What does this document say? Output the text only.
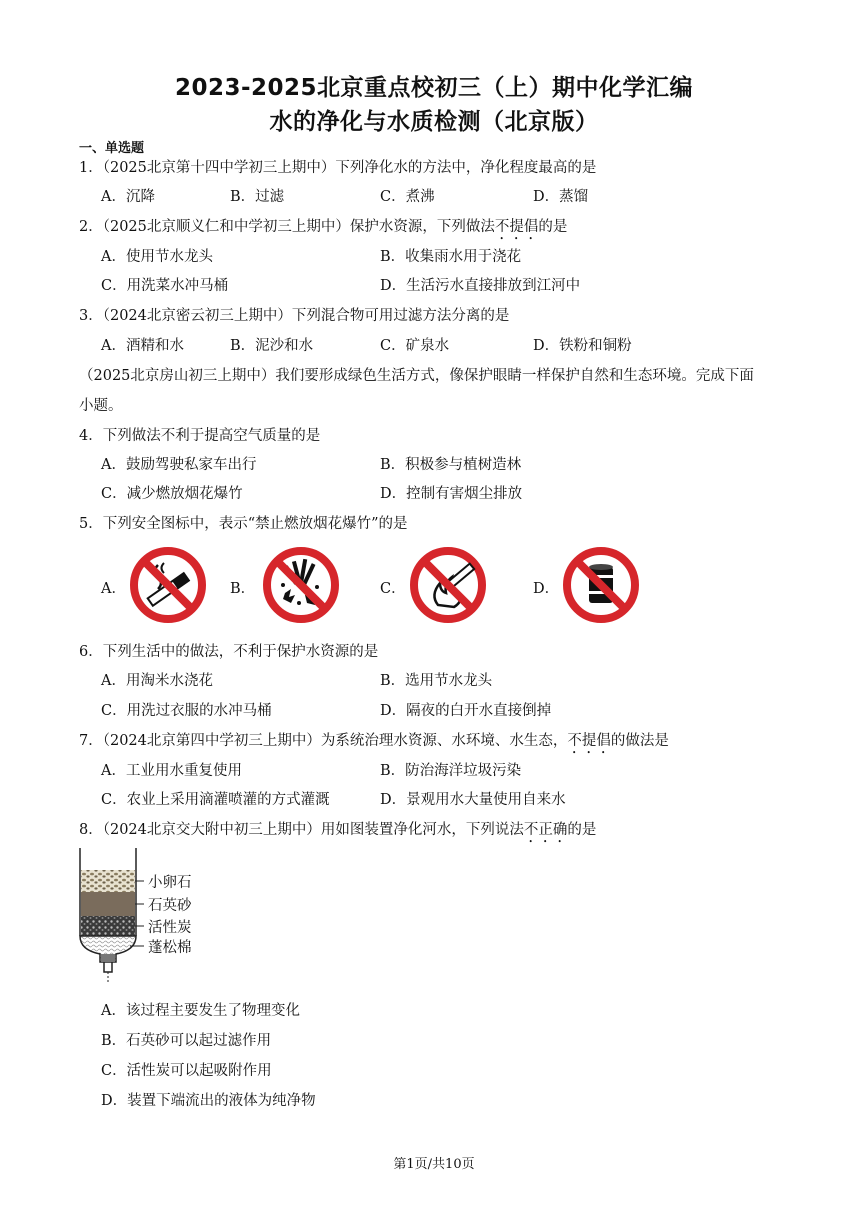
2023-2025北京重点校初三（上）期中化学汇编
水的净化与水质检测（北京版）
一、单选题
1．（2025北京第十四中学初三上期中）下列净化水的方法中，净化程度最高的是
A．沉降	B．过滤	C．煮沸	D．蒸馏
2．（2025北京顺义仁和中学初三上期中）保护水资源，下列做法不提倡的是
A．使用节水龙头	B．收集雨水用于浇花
C．用洗菜水冲马桶	D．生活污水直接排放到江河中
3．（2024北京密云初三上期中）下列混合物可用过滤方法分离的是
A．酒精和水	B．泥沙和水	C．矿泉水	D．铁粉和铜粉
（2025北京房山初三上期中）我们要形成绿色生活方式，像保护眼睛一样保护自然和生态环境。完成下面
小题。
4．下列做法不利于提高空气质量的是
A．鼓励驾驶私家车出行	B．积极参与植树造林
C．减少燃放烟花爆竹	D．控制有害烟尘排放
5．下列安全图标中，表示“禁止燃放烟花爆竹”的是
A．	B．	C．	D．
6．下列生活中的做法，不利于保护水资源的是
A．用淘米水浇花	B．选用节水龙头
C．用洗过衣服的水冲马桶	D．隔夜的白开水直接倒掉
7．（2024北京第四中学初三上期中）为系统治理水资源、水环境、水生态，不提倡的做法是
A．工业用水重复使用	B．防治海洋垃圾污染
C．农业上采用滴灌喷灌的方式灌溉	D．景观用水大量使用自来水
8．（2024北京交大附中初三上期中）用如图装置净化河水，下列说法不正确的是
小卵石
石英砂
活性炭
蓬松棉
A．该过程主要发生了物理变化
B．石英砂可以起过滤作用
C．活性炭可以起吸附作用
D．装置下端流出的液体为纯净物
第1页/共10页
